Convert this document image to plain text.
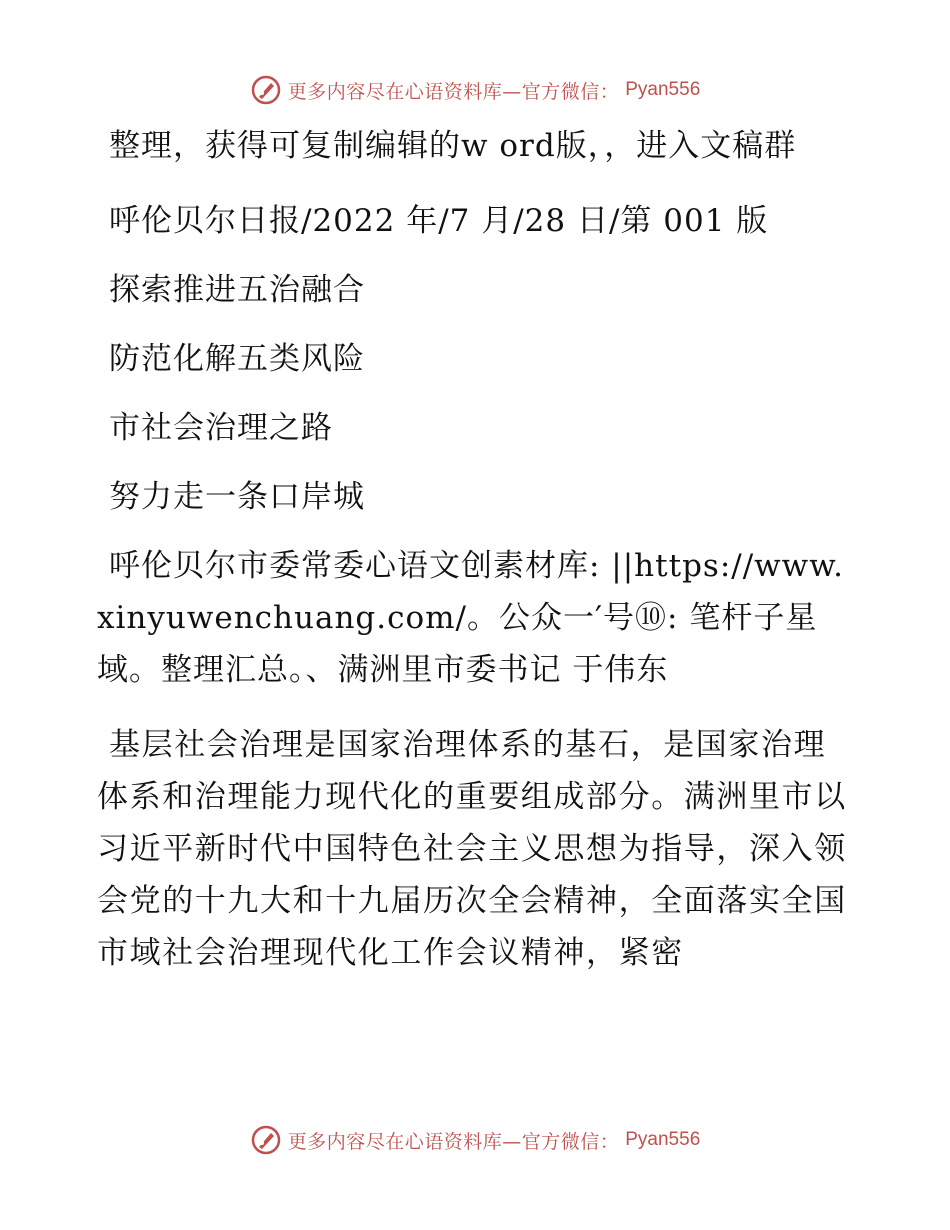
更多内容尽在心语资料库—官方微信： Pyan556

整理，获得可复制编辑的w ord版，，进入文稿群

呼伦贝尔日报/2022 年/7 月/28 日/第 001 版

探索推进五治融合

防范化解五类风险

市社会治理之路

努力走一条口岸城

呼伦贝尔市委常委心语文创素材库: ||https://www.xinyuwenchuang.com/。公众一′号⑩: 笔杆子星域。整理汇总。、满洲里市委书记 于伟东

基层社会治理是国家治理体系的基石，是国家治理体系和治理能力现代化的重要组成部分。满洲里市以习近平新时代中国特色社会主义思想为指导，深入领会党的十九大和十九届历次全会精神，全面落实全国市域社会治理现代化工作会议精神，紧密

更多内容尽在心语资料库—官方微信： Pyan556
